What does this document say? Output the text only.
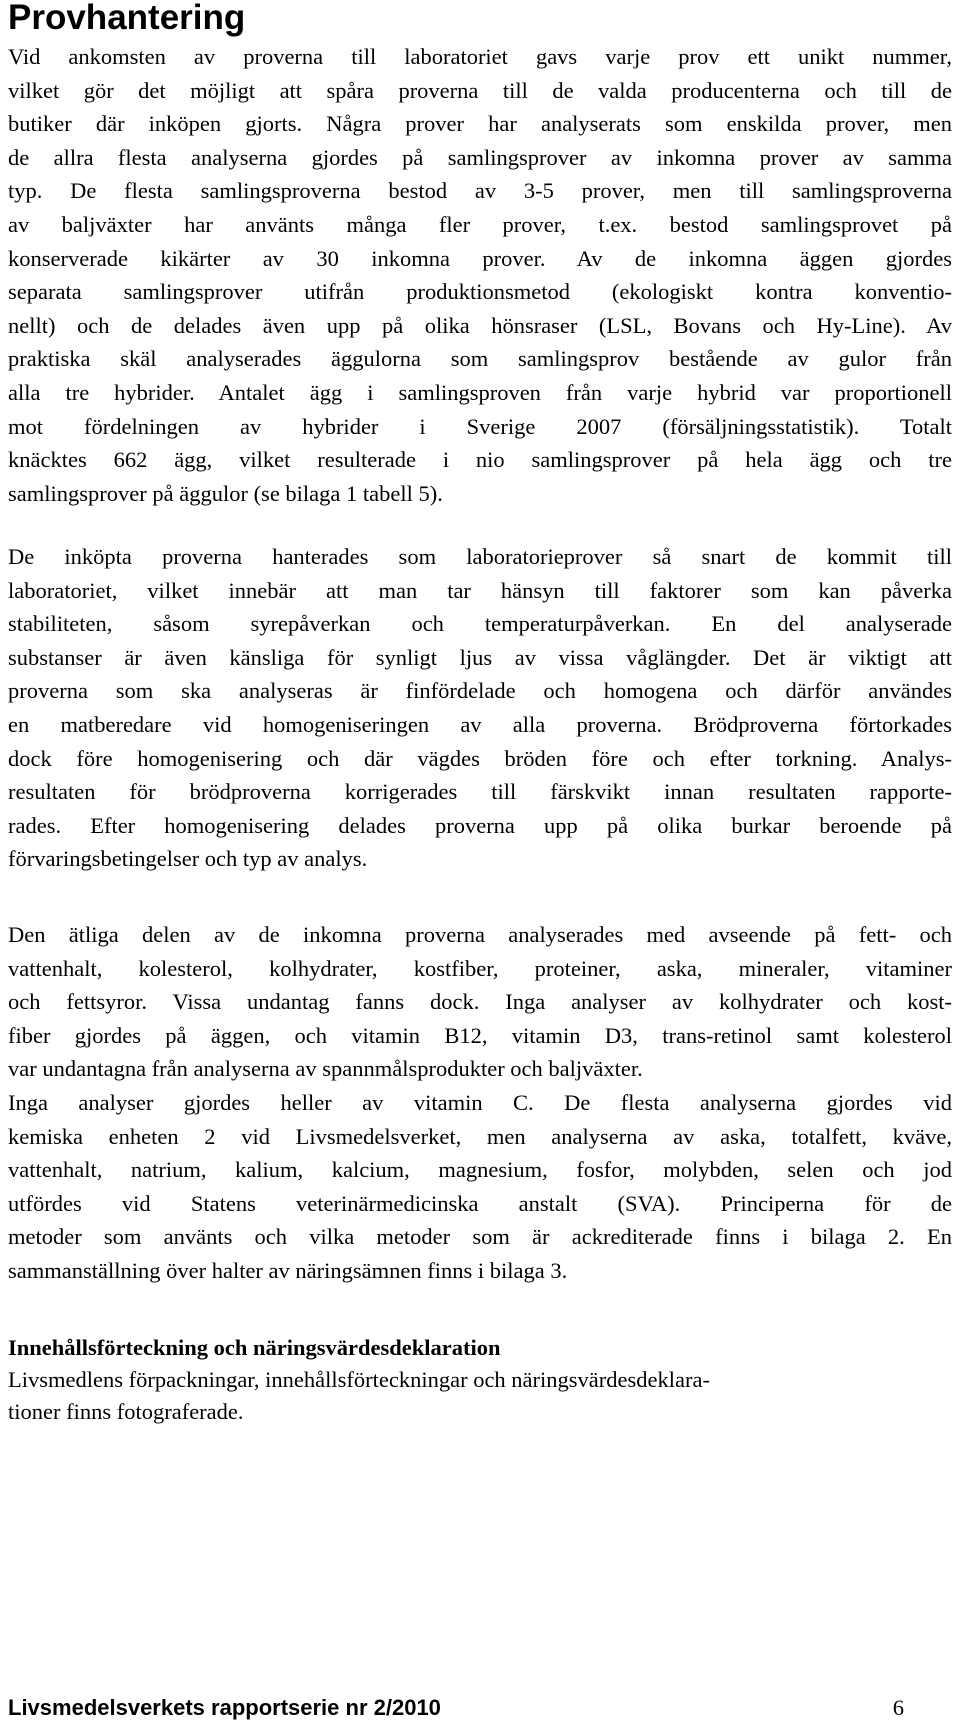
Provhantering

Vid ankomsten av proverna till laboratoriet gavs varje prov ett unikt nummer,
vilket gör det möjligt att spåra proverna till de valda producenterna och till de
butiker där inköpen gjorts. Några prover har analyserats som enskilda prover, men
de allra flesta analyserna gjordes på samlingsprover av inkomna prover av samma
typ. De flesta samlingsproverna bestod av 3-5 prover, men till samlingsproverna
av baljväxter har använts många fler prover, t.ex. bestod samlingsprovet på
konserverade kikärter av 30 inkomna prover. Av de inkomna äggen gjordes
separata samlingsprover utifrån produktionsmetod (ekologiskt kontra konventio-
nellt) och de delades även upp på olika hönsraser (LSL, Bovans och Hy-Line). Av
praktiska skäl analyserades äggulorna som samlingsprov bestående av gulor från
alla tre hybrider. Antalet ägg i samlingsproven från varje hybrid var proportionell
mot fördelningen av hybrider i Sverige 2007 (försäljningsstatistik). Totalt
knäcktes 662 ägg, vilket resulterade i nio samlingsprover på hela ägg och tre
samlingsprover på äggulor (se bilaga 1 tabell 5).

De inköpta proverna hanterades som laboratorieprover så snart de kommit till
laboratoriet, vilket innebär att man tar hänsyn till faktorer som kan påverka
stabiliteten, såsom syrepåverkan och temperaturpåverkan. En del analyserade
substanser är även känsliga för synligt ljus av vissa våglängder. Det är viktigt att
proverna som ska analyseras är finfördelade och homogena och därför användes
en matberedare vid homogeniseringen av alla proverna. Brödproverna förtorkades
dock före homogenisering och där vägdes bröden före och efter torkning. Analys-
resultaten för brödproverna korrigerades till färskvikt innan resultaten rapporte-
rades. Efter homogenisering delades proverna upp på olika burkar beroende på
förvaringsbetingelser och typ av analys.

Den ätliga delen av de inkomna proverna analyserades med avseende på fett- och
vattenhalt, kolesterol, kolhydrater, kostfiber, proteiner, aska, mineraler, vitaminer
och fettsyror. Vissa undantag fanns dock. Inga analyser av kolhydrater och kost-
fiber gjordes på äggen, och vitamin B12, vitamin D3, trans-retinol samt kolesterol
var undantagna från analyserna av spannmålsprodukter och baljväxter.
Inga analyser gjordes heller av vitamin C. De flesta analyserna gjordes vid
kemiska enheten 2 vid Livsmedelsverket, men analyserna av aska, totalfett, kväve,
vattenhalt, natrium, kalium, kalcium, magnesium, fosfor, molybden, selen och jod
utfördes vid Statens veterinärmedicinska anstalt (SVA). Principerna för de
metoder som använts och vilka metoder som är ackrediterade finns i bilaga 2. En
sammanställning över halter av näringsämnen finns i bilaga 3.

Innehållsförteckning och näringsvärdesdeklaration

Livsmedlens förpackningar, innehållsförteckningar och näringsvärdesdeklara-
tioner finns fotograferade.

Livsmedelsverkets rapportserie nr 2/2010	6
